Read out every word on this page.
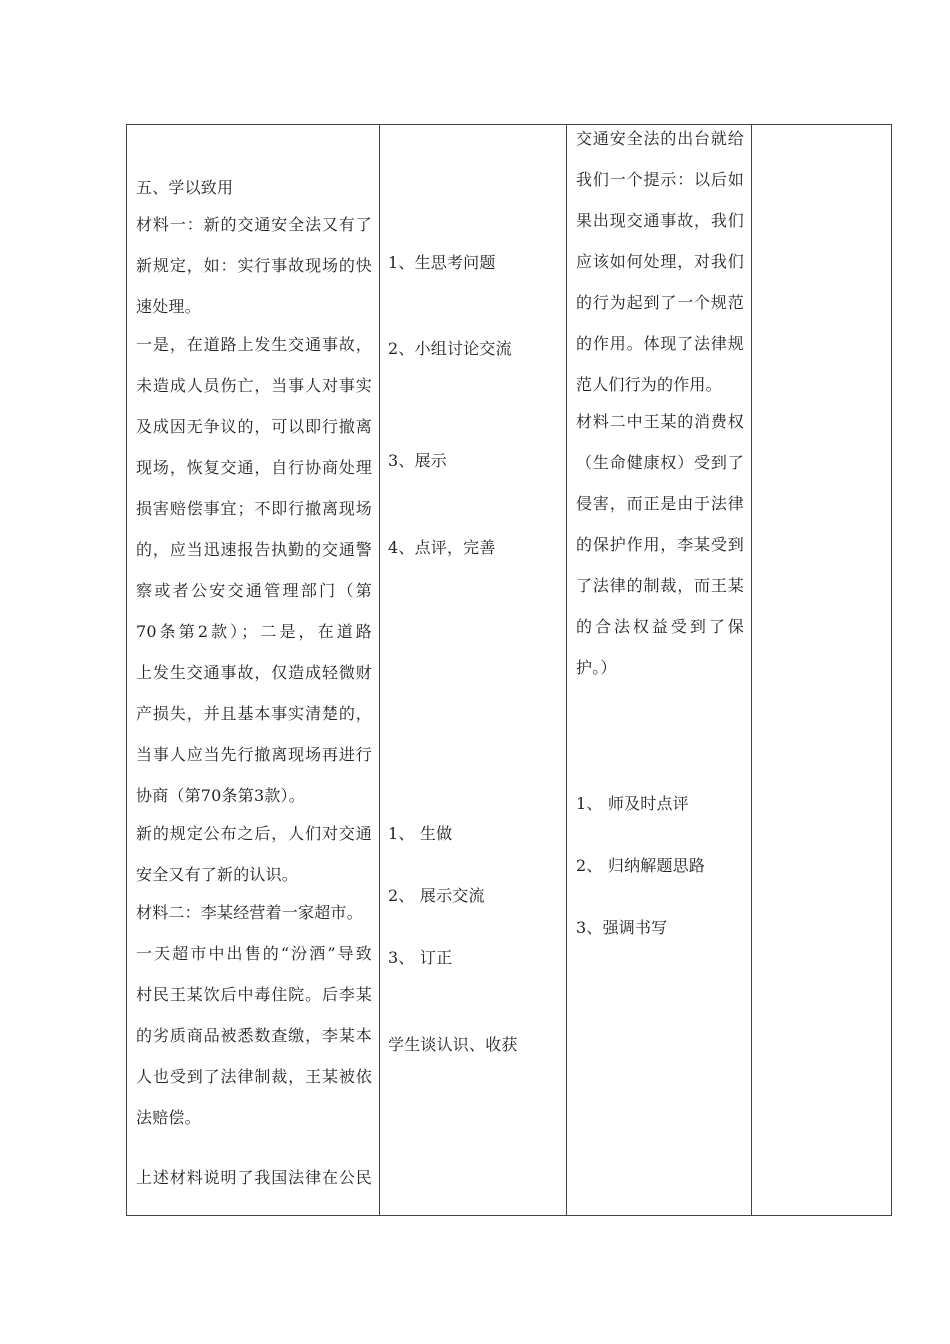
五、学以致用
材料一：新的交通安全法又有了
新规定，如：实行事故现场的快
速处理。
一是，在道路上发生交通事故，
未造成人员伤亡，当事人对事实
及成因无争议的，可以即行撤离
现场，恢复交通，自行协商处理
损害赔偿事宜；不即行撤离现场
的，应当迅速报告执勤的交通警
察或者公安交通管理部门（第
70条第2款）；二是，在道路
上发生交通事故，仅造成轻微财
产损失，并且基本事实清楚的，
当事人应当先行撤离现场再进行
协商（第70条第3款）。
新的规定公布之后，人们对交通
安全又有了新的认识。
材料二：李某经营着一家超市。
一天超市中出售的“汾酒”导致
村民王某饮后中毒住院。后李某
的劣质商品被悉数查缴，李某本
人也受到了法律制裁，王某被依
法赔偿。
上述材料说明了我国法律在公民
1、生思考问题
2、小组讨论交流
3、展示
4、点评，完善
1、 生做
2、 展示交流
3、 订正
学生谈认识、收获
交通安全法的出台就给
我们一个提示：以后如
果出现交通事故，我们
应该如何处理，对我们
的行为起到了一个规范
的作用。体现了法律规
范人们行为的作用。
材料二中王某的消费权
（生命健康权）受到了
侵害，而正是由于法律
的保护作用，李某受到
了法律的制裁，而王某
的合法权益受到了保
护。）
1、 师及时点评
2、 归纳解题思路
3、强调书写
